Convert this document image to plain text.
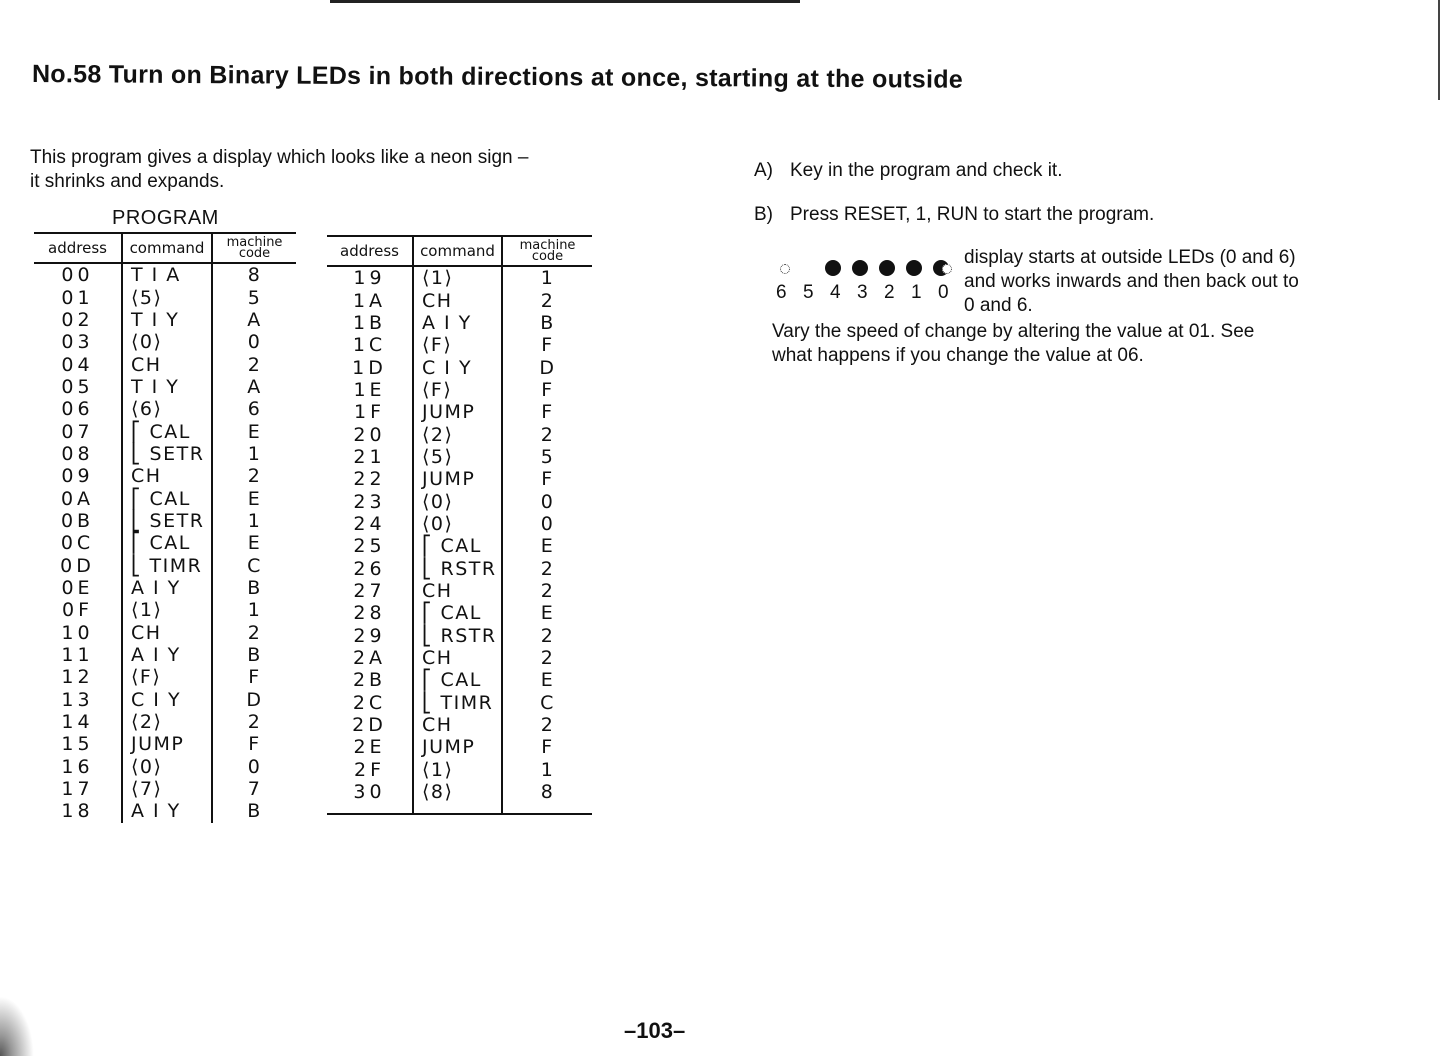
No.58 Turn on Binary LEDs in both directions at once, starting at the outside

This program gives a display which looks like a neon sign –
it shrinks and expands.

PROGRAM
address	command	machine code
00	T I A	8
01	⟨5⟩	5
02	T I Y	A
03	⟨0⟩	0
04	CH	2
05	T I Y	A
06	⟨6⟩	6
07	⎡ CAL	E
08	⎣ SETR	1
09	CH	2
0A	⎡ CAL	E
0B	⎣ SETR	1
0C	⎡ CAL	E
0D	⎣ TIMR	C
0E	A I Y	B
0F	⟨1⟩	1
10	CH	2
11	A I Y	B
12	⟨F⟩	F
13	C I Y	D
14	⟨2⟩	2
15	JUMP	F
16	⟨0⟩	0
17	⟨7⟩	7
18	A I Y	B
address	command	machine code
19	⟨1⟩	1
1A	CH	2
1B	A I Y	B
1C	⟨F⟩	F
1D	C I Y	D
1E	⟨F⟩	F
1F	JUMP	F
20	⟨2⟩	2
21	⟨5⟩	5
22	JUMP	F
23	⟨0⟩	0
24	⟨0⟩	0
25	⎡ CAL	E
26	⎣ RSTR	2
27	CH	2
28	⎡ CAL	E
29	⎣ RSTR	2
2A	CH	2
2B	⎡ CAL	E
2C	⎣ TIMR	C
2D	CH	2
2E	JUMP	F
2F	⟨1⟩	1
30	⟨8⟩	8

A) Key in the program and check it.
B) Press RESET, 1, RUN to start the program.
6 5 4 3 2 1 0
display starts at outside LEDs (0 and 6)
and works inwards and then back out to
0 and 6.
Vary the speed of change by altering the value at 01. See
what happens if you change the value at 06.
–103–
